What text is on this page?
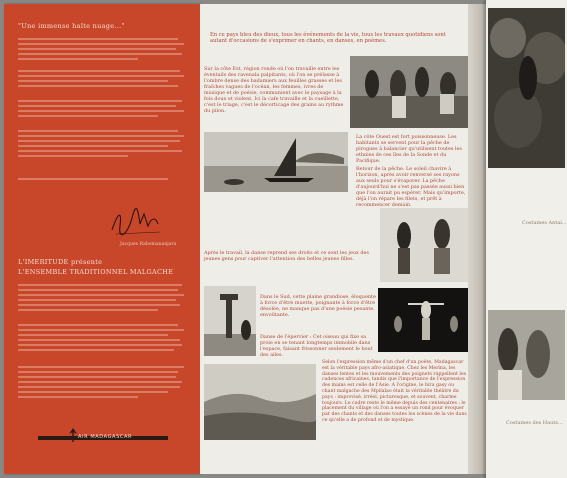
"Une immense halte nuage..."
Jacques Rabemananjara
L'IMERITUDE présente
L'ENSEMBLE TRADITIONNEL MALGACHE
AIR MADAGASCAR
En ce pays bleu des dieux, tous les événements de la vie, tous les travaux quotidiens sont autant d'occasions de s'exprimer en chants, en danses, en poèmes.
Sur la côte Est, région ronde où l'on travaille entre les éventails des ravenala palpitants, où l'on se prélasse à l'ombre dense des badamiers aux feuilles grasses et les fraîches vagues de l'océan, les femmes, ivres de musique et de poésie, communient avec le paysage à la fois doux et violent. Ici la cafe travaille et la cueillette, c'est le triage, c'est le décorticage des grains au rythme du pilon.
La côte Ouest est fort poissonneuse. Les habitants se servent pour la pêche de pirogues à balancier qu'utilisent toutes les ethnies de ces îles de la Sonde et du Pacifique.
Retour de la pêche. Le soleil chavire à l'horizon, après avoir renversé ses rayons aux seuls pour s'évaporer. La pêche d'aujourd'hui ne s'est pas passée aussi bien que l'on aurait pu espérer. Mais qu'importe, déjà l'on répare les filets, et prêt à recommencer demain.
Après le travail, la danse reprend ses droits et ce sont les jeux des jeunes gens pour captiver l'attention des belles jeunes filles.
Dans le Sud, cette plaine grandiose, éloquente à force d'être muette, poignante à force d'être désolée, ne manque pas d'une poésie pesante, envoûtante.
Danse de l'épervier : Cet oiseau qui fixe sa proie en se tenant longtemps immobile dans l'espace, faisant frissonner seulement le bout des ailes.
Selon l'expression même d'un chef d'un poète, Madagascar est la véritable pays afro-asiatique. Chez les Merina, les danses lentes et les mouvements des poignets rappellent les cadences africaines, tandis que l'importance de l'expression des mains est celle de l'Asie. A l'origine, le hira gasy ou chant malgache des Mpilalao était la véritable théâtre du pays : improvisé, irréel, picturesque, et souvent, charme toujours. Le cadre reste le même depuis des centenaires : le placement du village où l'on a essayé un rond pour évoquer par des chants et des danses toutes les scènes de la vie dans ce qu'elle a de profond et de mystique.
Costumes Antai...
Costumes des Hauts...
